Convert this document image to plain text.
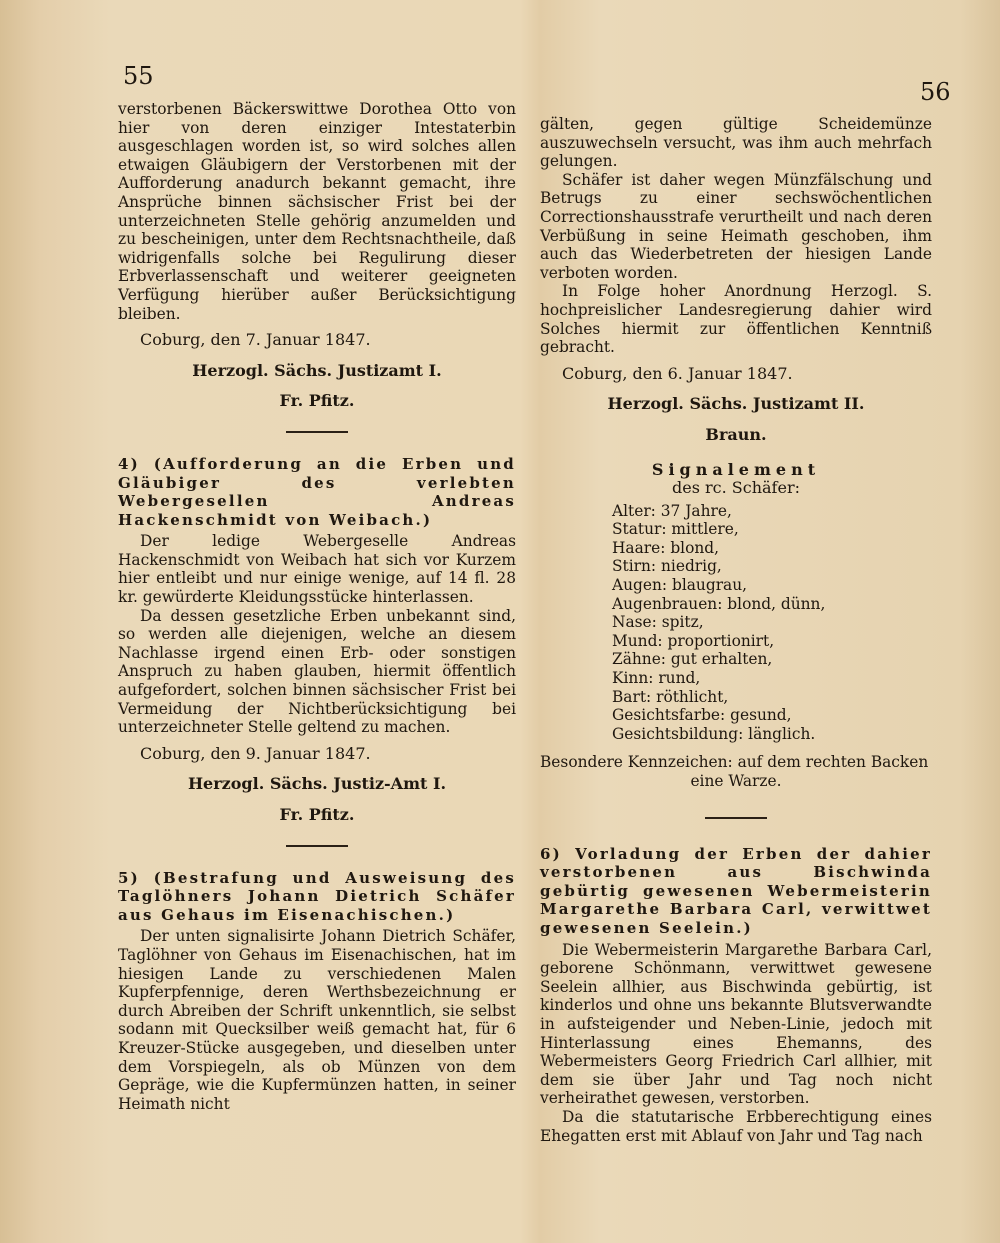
55
56

verstorbenen Bäckerswittwe Dorothea Otto von hier von deren einziger Intestaterbin ausgeschlagen worden ist, so wird solches allen etwaigen Gläubigern der Verstorbenen mit der Aufforderung anadurch bekannt gemacht, ihre Ansprüche binnen sächsischer Frist bei der unterzeichneten Stelle gehörig anzumelden und zu bescheinigen, unter dem Rechtsnachtheile, daß widrigenfalls solche bei Regulirung dieser Erbverlassenschaft und weiterer geeigneten Verfügung hierüber außer Berücksichtigung bleiben.

Coburg, den 7. Januar 1847.
Herzogl. Sächs. Justizamt I.
Fr. Pfitz.
4) (Aufforderung an die Erben und Gläubiger des verlebten Webergesellen Andreas Hackenschmidt von Weibach.)

Der ledige Webergeselle Andreas Hackenschmidt von Weibach hat sich vor Kurzem hier entleibt und nur einige wenige, auf 14 fl. 28 kr. gewürderte Kleidungsstücke hinterlassen.

Da dessen gesetzliche Erben unbekannt sind, so werden alle diejenigen, welche an diesem Nachlasse irgend einen Erb- oder sonstigen Anspruch zu haben glauben, hiermit öffentlich aufgefordert, solchen binnen sächsischer Frist bei Vermeidung der Nichtberücksichtigung bei unterzeichneter Stelle geltend zu machen.

Coburg, den 9. Januar 1847.
Herzogl. Sächs. Justiz-Amt I.
Fr. Pfitz.
5) (Bestrafung und Ausweisung des Taglöhners Johann Dietrich Schäfer aus Gehaus im Eisenachischen.)

Der unten signalisirte Johann Dietrich Schäfer, Taglöhner von Gehaus im Eisenachischen, hat im hiesigen Lande zu verschiedenen Malen Kupferpfennige, deren Werthsbezeichnung er durch Abreiben der Schrift unkenntlich, sie selbst sodann mit Quecksilber weiß gemacht hat, für 6 Kreuzer-Stücke ausgegeben, und dieselben unter dem Vorspiegeln, als ob Münzen von dem Gepräge, wie die Kupfermünzen hatten, in seiner Heimath nicht

gälten, gegen gültige Scheidemünze auszuwechseln versucht, was ihm auch mehrfach gelungen.

Schäfer ist daher wegen Münzfälschung und Betrugs zu einer sechswöchentlichen Correctionshausstrafe verurtheilt und nach deren Verbüßung in seine Heimath geschoben, ihm auch das Wiederbetreten der hiesigen Lande verboten worden.

In Folge hoher Anordnung Herzogl. S. hochpreislicher Landesregierung dahier wird Solches hiermit zur öffentlichen Kenntniß gebracht.

Coburg, den 6. Januar 1847.
Herzogl. Sächs. Justizamt II.
Braun.
Signalement
des rc. Schäfer:
Alter: 37 Jahre,
Statur: mittlere,
Haare: blond,
Stirn: niedrig,
Augen: blaugrau,
Augenbrauen: blond, dünn,
Nase: spitz,
Mund: proportionirt,
Zähne: gut erhalten,
Kinn: rund,
Bart: röthlicht,
Gesichtsfarbe: gesund,
Gesichtsbildung: länglich.

Besondere Kennzeichen: auf dem rechten Backen
eine Warze.

6) Vorladung der Erben der dahier verstorbenen aus Bischwinda gebürtig gewesenen Webermeisterin Margarethe Barbara Carl, verwittwet gewesenen Seelein.)

Die Webermeisterin Margarethe Barbara Carl, geborene Schönmann, verwittwet gewesene Seelein allhier, aus Bischwinda gebürtig, ist kinderlos und ohne uns bekannte Blutsverwandte in aufsteigender und Neben-Linie, jedoch mit Hinterlassung eines Ehemanns, des Webermeisters Georg Friedrich Carl allhier, mit dem sie über Jahr und Tag noch nicht verheirathet gewesen, verstorben.

Da die statutarische Erbberechtigung eines Ehegatten erst mit Ablauf von Jahr und Tag nach
